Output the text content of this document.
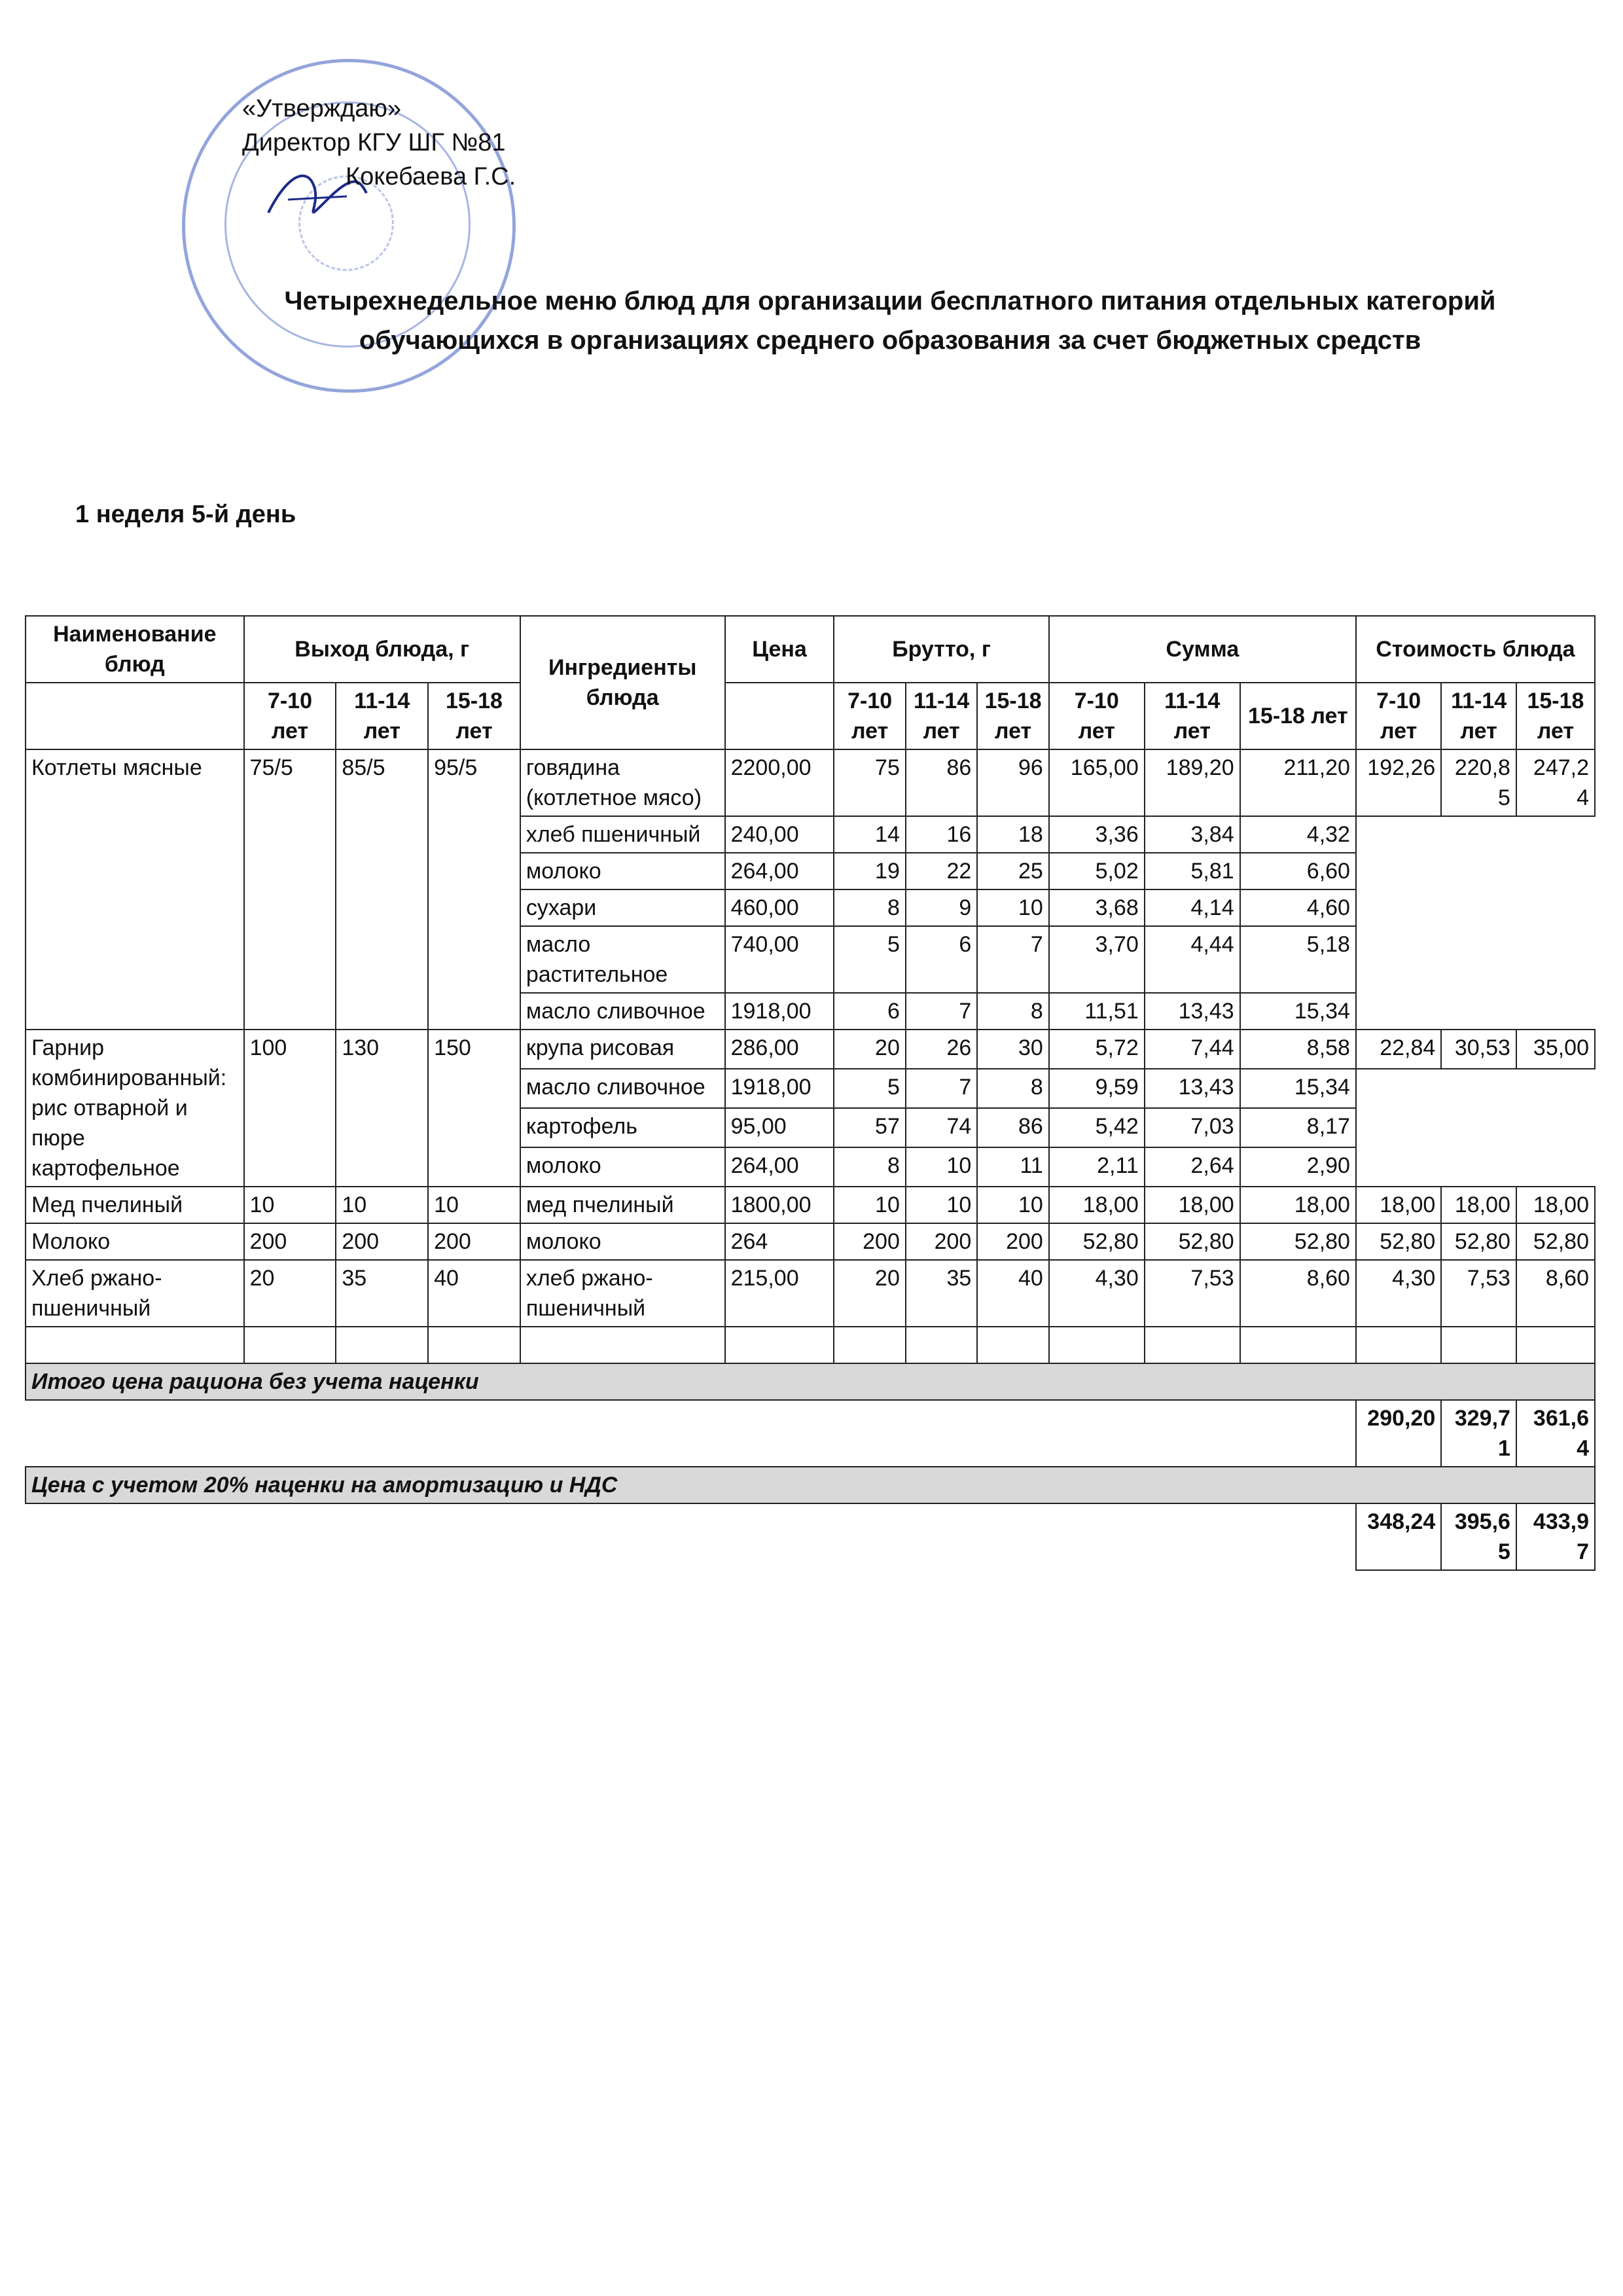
«Утверждаю»
Директор КГУ ШГ №81
Кокебаева Г.С.
Четырехнедельное меню блюд для организации бесплатного питания отдельных категорий обучающихся в организациях среднего образования за счет бюджетных средств
1 неделя 5-й день
Наименование блюд	Выход блюда, г			Ингредиенты блюда	Цена	Брутто, г			Сумма			Стоимость блюда		
	7-10 лет	11-14 лет	15-18 лет			7-10 лет	11-14 лет	15-18 лет	7-10 лет	11-14 лет	15-18 лет	7-10 лет	11-14 лет	15-18 лет
Котлеты мясные	75/5	85/5	95/5	говядина (котлетное мясо)	2200,00	75	86	96	165,00	189,20	211,20	192,26	220,85	247,24
				хлеб пшеничный	240,00	14	16	18	3,36	3,84	4,32			
				молоко	264,00	19	22	25	5,02	5,81	6,60			
				сухари	460,00	8	9	10	3,68	4,14	4,60			
				масло растительное	740,00	5	6	7	3,70	4,44	5,18			
				масло сливочное	1918,00	6	7	8	11,51	13,43	15,34			
Гарнир комбинированный: рис отварной и пюре картофельное	100	130	150	крупа рисовая	286,00	20	26	30	5,72	7,44	8,58	22,84	30,53	35,00
				масло сливочное	1918,00	5	7	8	9,59	13,43	15,34			
				картофель	95,00	57	74	86	5,42	7,03	8,17			
				молоко	264,00	8	10	11	2,11	2,64	2,90			
Мед пчелиный	10	10	10	мед пчелиный	1800,00	10	10	10	18,00	18,00	18,00	18,00	18,00	18,00
Молоко	200	200	200	молоко	264	200	200	200	52,80	52,80	52,80	52,80	52,80	52,80
Хлеб ржано-пшеничный	20	35	40	хлеб ржано-пшеничный	215,00	20	35	40	4,30	7,53	8,60	4,30	7,53	8,60

Итого цена рациона без учета наценки														
												290,20	329,71	361,64
Цена с учетом 20% наценки на амортизацию и НДС														
												348,24	395,65	433,97
